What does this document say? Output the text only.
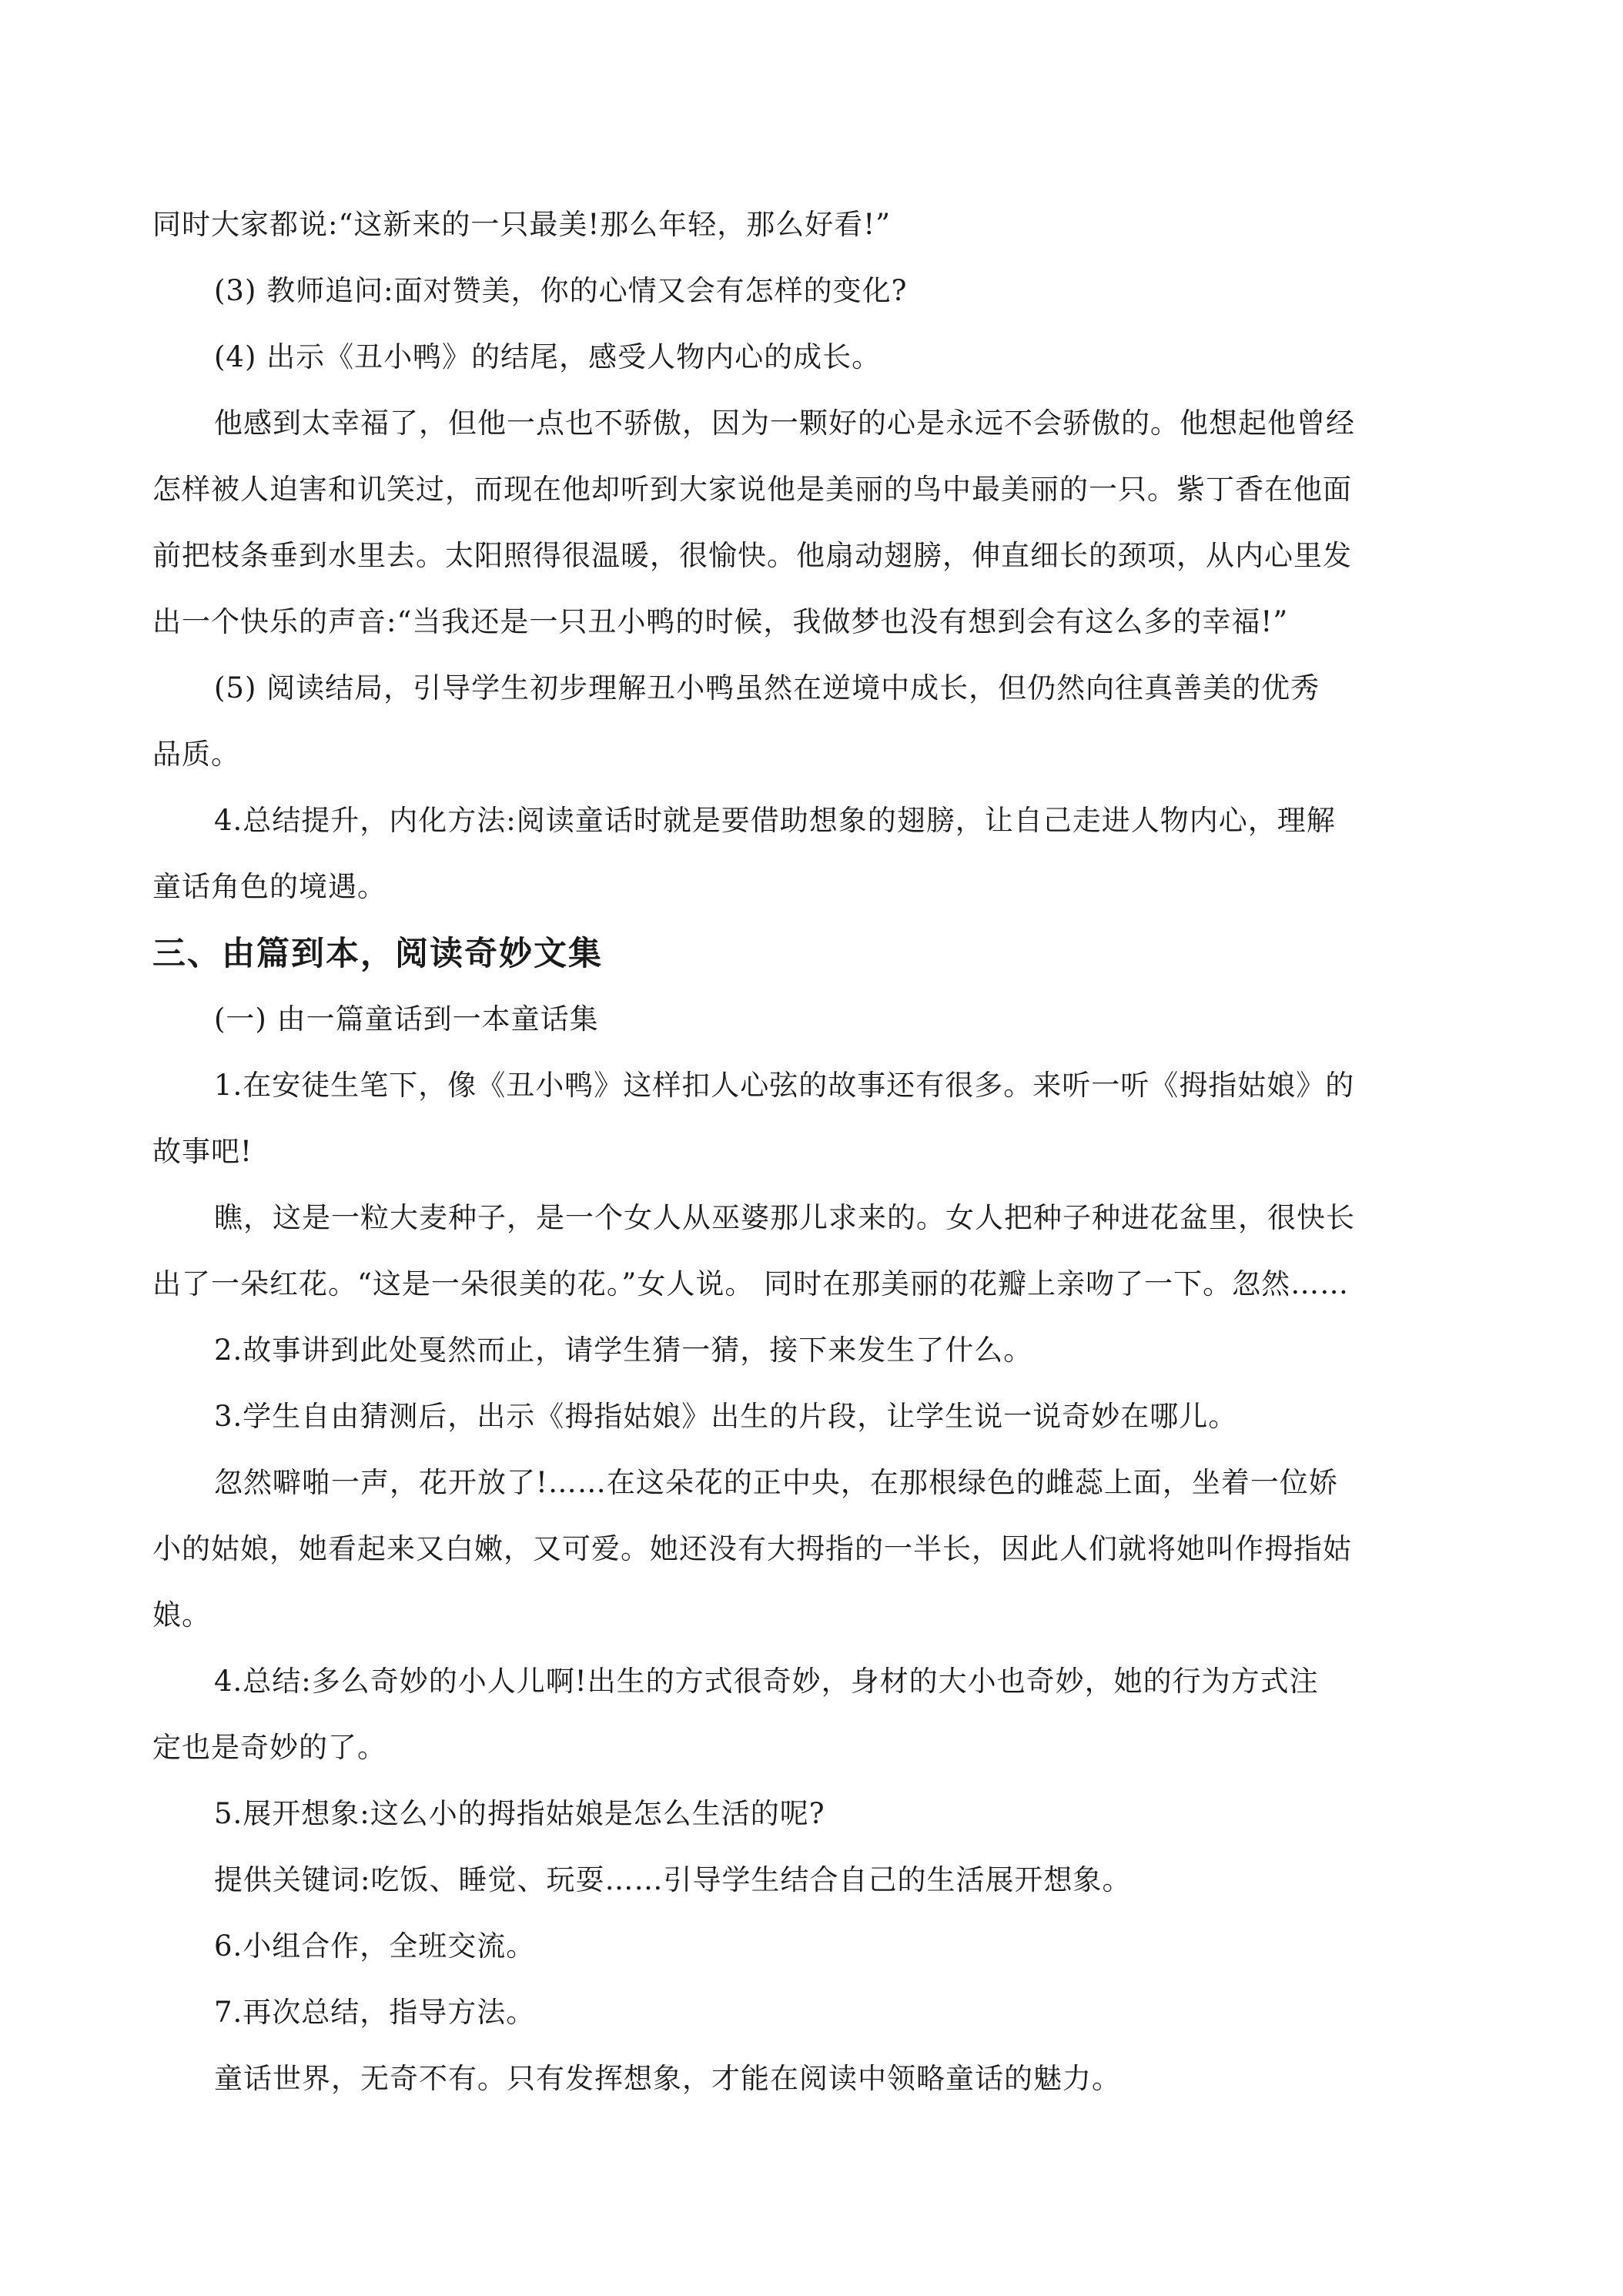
同时大家都说:“这新来的一只最美!那么年轻，那么好看!”
(3) 教师追问:面对赞美，你的心情又会有怎样的变化?
(4) 出示《丑小鸭》的结尾，感受人物内心的成长。
他感到太幸福了，但他一点也不骄傲，因为一颗好的心是永远不会骄傲的。他想起他曾经
怎样被人迫害和讥笑过，而现在他却听到大家说他是美丽的鸟中最美丽的一只。紫丁香在他面
前把枝条垂到水里去。太阳照得很温暖，很愉快。他扇动翅膀，伸直细长的颈项，从内心里发
出一个快乐的声音:“当我还是一只丑小鸭的时候，我做梦也没有想到会有这么多的幸福!”
(5) 阅读结局，引导学生初步理解丑小鸭虽然在逆境中成长，但仍然向往真善美的优秀
品质。
4.总结提升，内化方法:阅读童话时就是要借助想象的翅膀，让自己走进人物内心，理解
童话角色的境遇。
三、由篇到本，阅读奇妙文集
(一) 由一篇童话到一本童话集
1.在安徒生笔下，像《丑小鸭》这样扣人心弦的故事还有很多。来听一听《拇指姑娘》的
故事吧!
瞧，这是一粒大麦种子，是一个女人从巫婆那儿求来的。女人把种子种进花盆里，很快长
出了一朵红花。“这是一朵很美的花。”女人说。 同时在那美丽的花瓣上亲吻了一下。忽然……
2.故事讲到此处戛然而止，请学生猜一猜，接下来发生了什么。
3.学生自由猜测后，出示《拇指姑娘》出生的片段，让学生说一说奇妙在哪儿。
忽然噼啪一声，花开放了!……在这朵花的正中央，在那根绿色的雌蕊上面，坐着一位娇
小的姑娘，她看起来又白嫩，又可爱。她还没有大拇指的一半长，因此人们就将她叫作拇指姑
娘。
4.总结:多么奇妙的小人儿啊!出生的方式很奇妙，身材的大小也奇妙，她的行为方式注
定也是奇妙的了。
5.展开想象:这么小的拇指姑娘是怎么生活的呢?
提供关键词:吃饭、睡觉、玩耍……引导学生结合自己的生活展开想象。
6.小组合作，全班交流。
7.再次总结，指导方法。
童话世界，无奇不有。只有发挥想象，才能在阅读中领略童话的魅力。
